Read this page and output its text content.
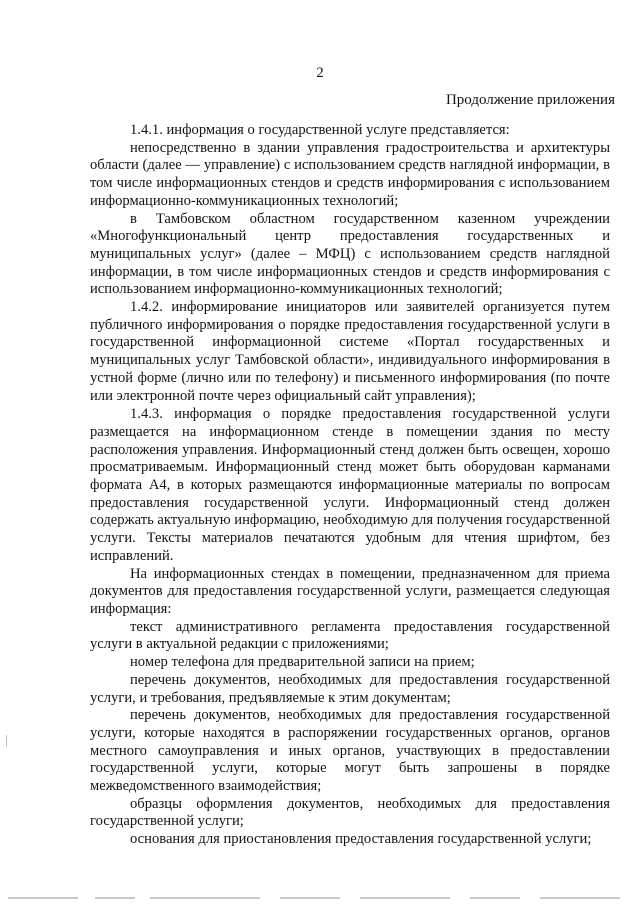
2
Продолжение приложения

1.4.1. информация о государственной услуге представляется:

непосредственно в здании управления градостроительства и архитектуры области (далее — управление) с использованием средств наглядной информации, в том числе информационных стендов и средств информирования с использованием информационно-коммуникационных технологий;

в Тамбовском областном государственном казенном учреждении «Многофункциональный центр предоставления государственных и муниципальных услуг» (далее – МФЦ) с использованием средств наглядной информации, в том числе информационных стендов и средств информирования с использованием информационно-коммуникационных технологий;

1.4.2. информирование инициаторов или заявителей организуется путем публичного информирования о порядке предоставления государственной услуги в государственной информационной системе «Портал государственных и муниципальных услуг Тамбовской области», индивидуального информирования в устной форме (лично или по телефону) и письменного информирования (по почте или электронной почте через официальный сайт управления);

1.4.3. информация о порядке предоставления государственной услуги размещается на информационном стенде в помещении здания по месту расположения управления. Информационный стенд должен быть освещен, хорошо просматриваемым. Информационный стенд может быть оборудован карманами формата А4, в которых размещаются информационные материалы по вопросам предоставления государственной услуги. Информационный стенд должен содержать актуальную информацию, необходимую для получения государственной услуги. Тексты материалов печатаются удобным для чтения шрифтом, без исправлений.

На информационных стендах в помещении, предназначенном для приема документов для предоставления государственной услуги, размещается следующая информация:

текст административного регламента предоставления государственной услуги в актуальной редакции с приложениями;

номер телефона для предварительной записи на прием;

перечень документов, необходимых для предоставления государственной услуги, и требования, предъявляемые к этим документам;

перечень документов, необходимых для предоставления государственной услуги, которые находятся в распоряжении государственных органов, органов местного самоуправления и иных органов, участвующих в предоставлении государственной услуги, которые могут быть запрошены в порядке межведомственного взаимодействия;

образцы оформления документов, необходимых для предоставления государственной услуги;

основания для приостановления предоставления государственной услуги;
